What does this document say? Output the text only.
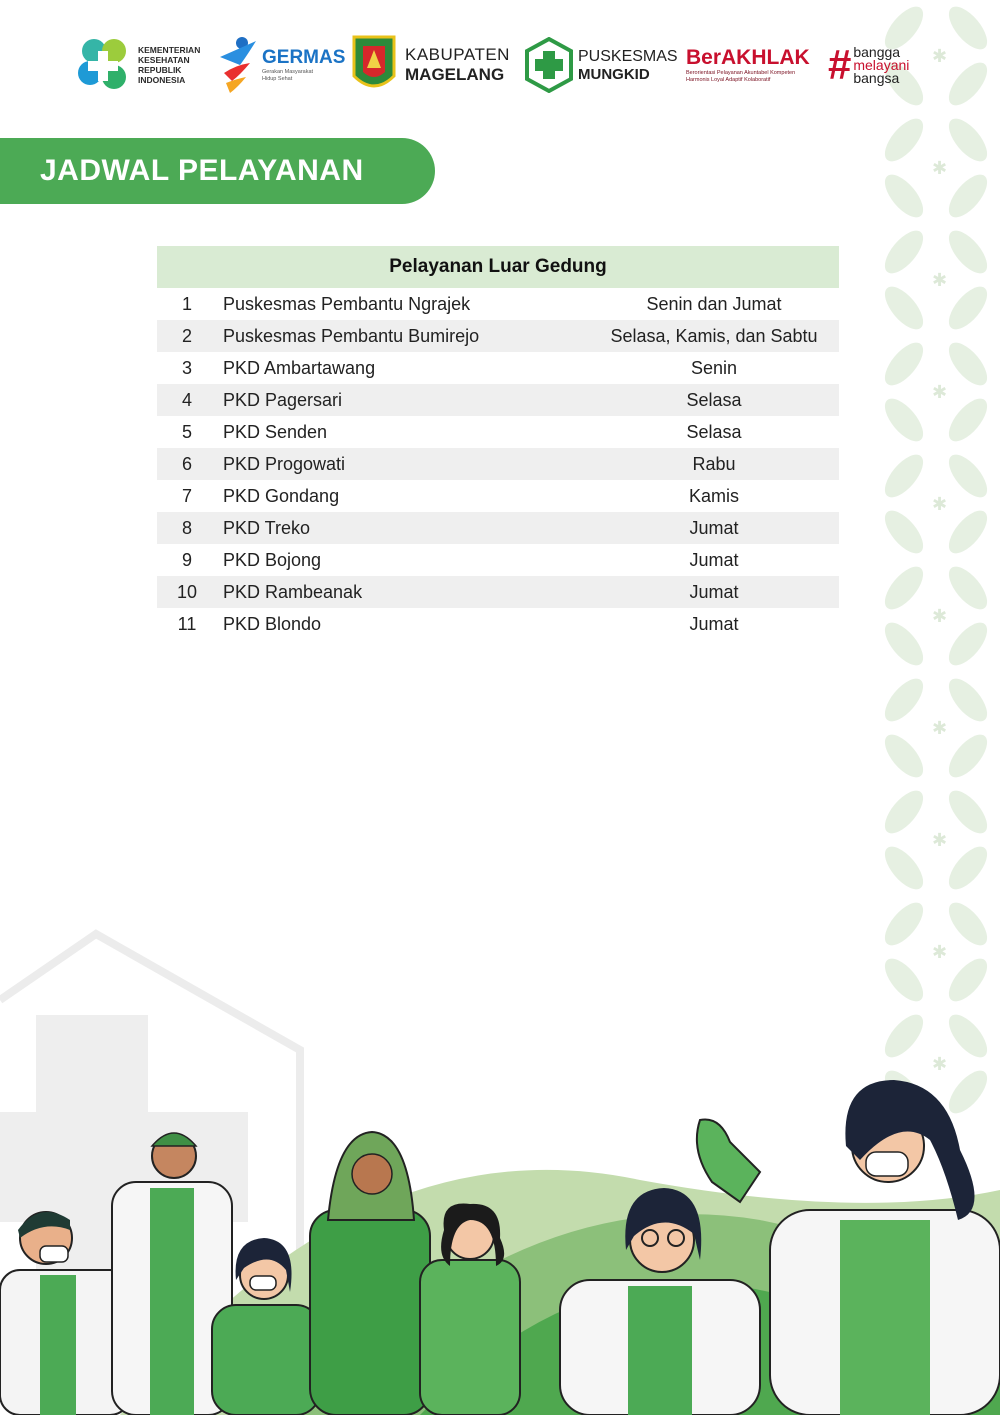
✱
KEMENTERIAN
KESEHATAN
REPUBLIK
INDONESIA
GERMAS
Gerakan Masyarakat
Hidup Sehat
KABUPATEN
MAGELANG
PUSKESMAS
MUNGKID
BerAKHLAK
Berorientasi Pelayanan Akuntabel Kompeten
Harmonis Loyal Adaptif Kolaboratif # bangga
melayani
bangsa
JADWAL PELAYANAN
Pelayanan Luar Gedung
1	Puskesmas Pembantu Ngrajek	Senin dan Jumat
2	Puskesmas Pembantu Bumirejo	Selasa, Kamis, dan Sabtu
3	PKD Ambartawang	Senin
4	PKD Pagersari	Selasa
5	PKD Senden	Selasa
6	PKD Progowati	Rabu
7	PKD Gondang	Kamis
8	PKD Treko	Jumat
9	PKD Bojong	Jumat
10	PKD Rambeanak	Jumat
11	PKD Blondo	Jumat
